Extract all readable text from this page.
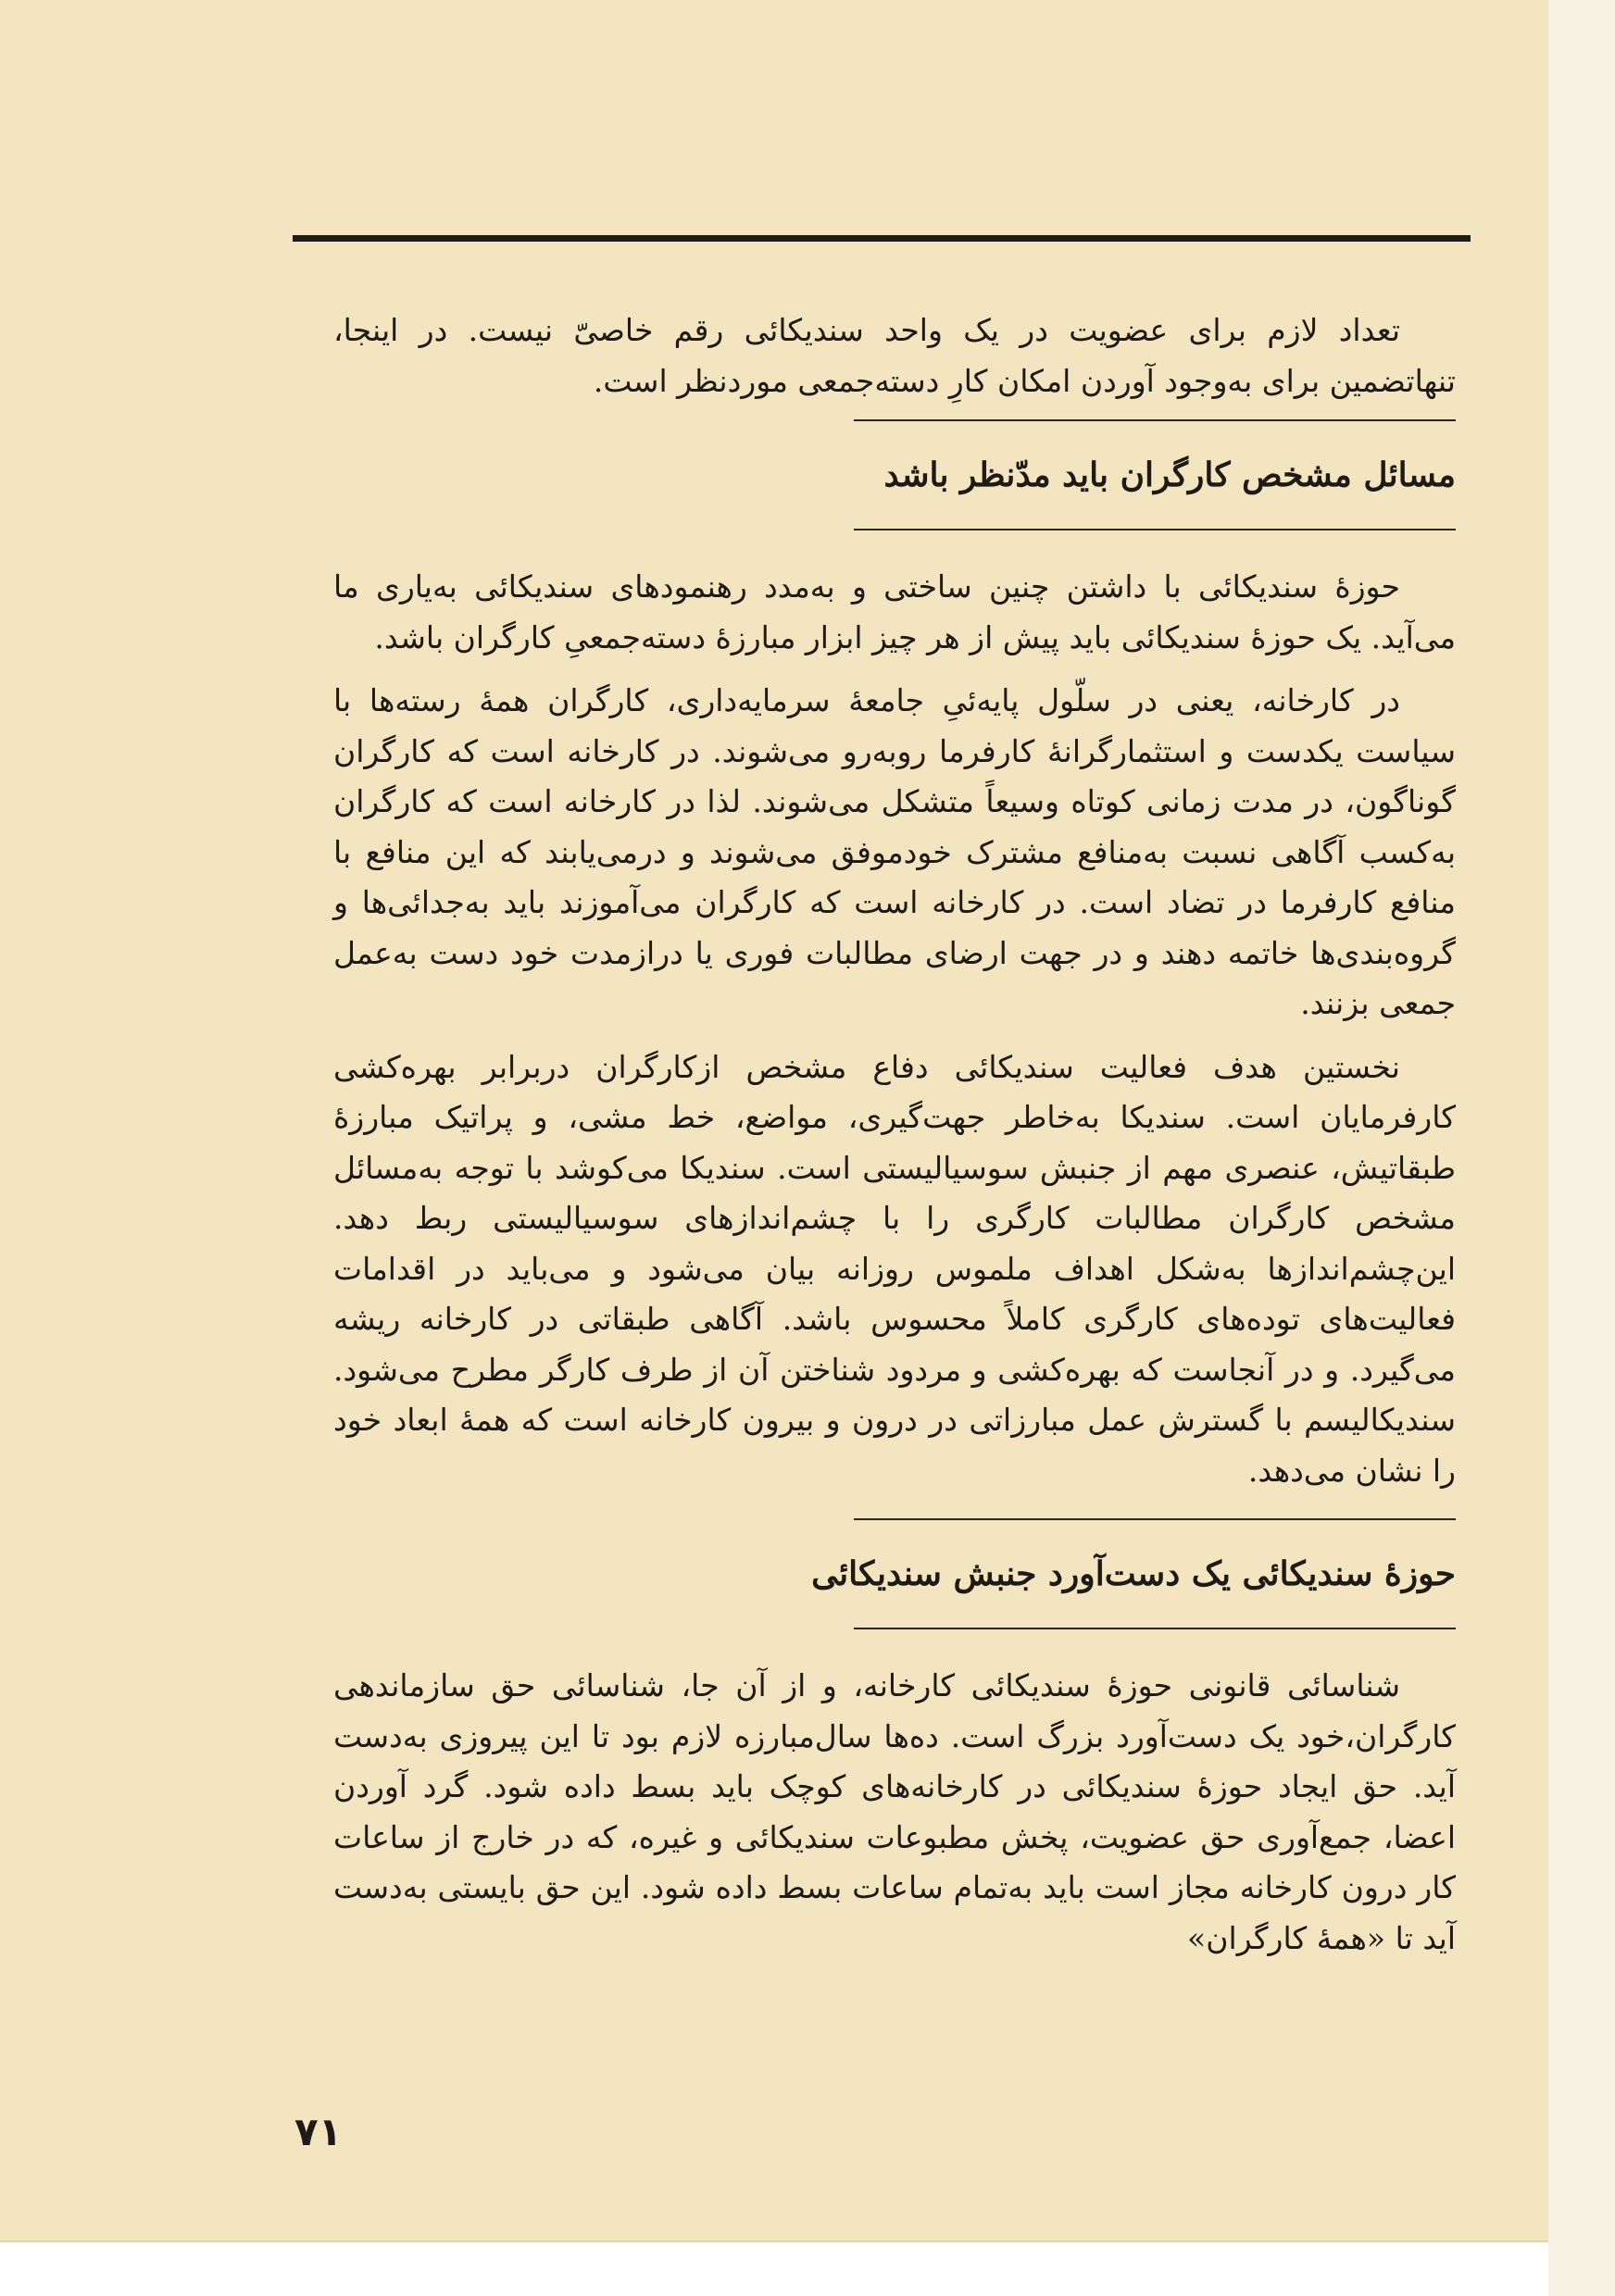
تعداد لازم برای عضویت در یک واحد سندیکائی رقم خاصیّ نیست. در اینجا، تنهاتضمین برای به‌وجود آوردن امکان کارِ دسته‌جمعی موردنظر است.

مسائل مشخص کارگران باید مدّنظر باشد

حوزهٔ سندیکائی با داشتن چنین ساختی و به‌مدد رهنمودهای سندیکائی به‌یاری ما می‌آید. یک حوزهٔ سندیکائی باید پیش از هر چیز ابزار مبارزهٔ دسته‌جمعیِ کارگران باشد.

در کارخانه، یعنی در سلّول پایه‌ئیِ جامعهٔ سرمایه‌داری، کارگران همهٔ رسته‌ها با سیاست یکدست و استثمارگرانهٔ کارفرما روبه‌رو می‌شوند. در کارخانه است که کارگران گوناگون، در مدت زمانی کوتاه وسیعاً متشکل می‌شوند. لذا در کارخانه است که کارگران به‌کسب آگاهی نسبت به‌منافع مشترک خودموفق می‌شوند و درمی‌یابند که این منافع با منافع کارفرما در تضاد است. در کارخانه است که کارگران می‌آموزند باید به‌جدائی‌ها و گروه‌بندی‌ها خاتمه دهند و در جهت ارضای مطالبات فوری یا درازمدت خود دست به‌عمل جمعی بزنند.

نخستین هدف فعالیت سندیکائی دفاع مشخص ازکارگران دربرابر بهره‌کشی کارفرمایان است. سندیکا به‌خاطر جهت‌گیری، مواضع، خط مشی، و پراتیک مبارزهٔ طبقاتیش، عنصری مهم از جنبش سوسیالیستی است. سندیکا می‌کوشد با توجه به‌مسائل مشخص کارگران مطالبات کارگری را با چشم‌اندازهای سوسیالیستی ربط دهد. این‌چشم‌اندازها به‌شکل اهداف ملموس روزانه بیان می‌شود و می‌باید در اقدامات فعالیت‌های توده‌های کارگری کاملاً محسوس باشد. آگاهی طبقاتی در کارخانه ریشه می‌گیرد. و در آنجاست که بهره‌کشی و مردود شناختن آن از طرف کارگر مطرح می‌شود. سندیکالیسم با گسترش عمل مبارزاتی در درون و بیرون کارخانه است که همهٔ ابعاد خود را نشان می‌دهد.

حوزهٔ سندیکائی یک دست‌آورد جنبش سندیکائی

شناسائی قانونی حوزهٔ سندیکائی کارخانه، و از آن جا، شناسائی حق سازماندهی کارگران،خود یک دست‌آورد بزرگ است. ده‌ها سال‌مبارزه لازم بود تا این پیروزی به‌دست آید. حق ایجاد حوزهٔ سندیکائی در کارخانه‌های کوچک باید بسط داده شود. گرد آوردن اعضا، جمع‌آوری حق عضویت، پخش مطبوعات سندیکائی و غیره، که در خارج از ساعات کار درون کارخانه مجاز است باید به‌تمام ساعات بسط داده شود. این حق بایستی به‌دست آید تا «همهٔ کارگران»

۷۱
